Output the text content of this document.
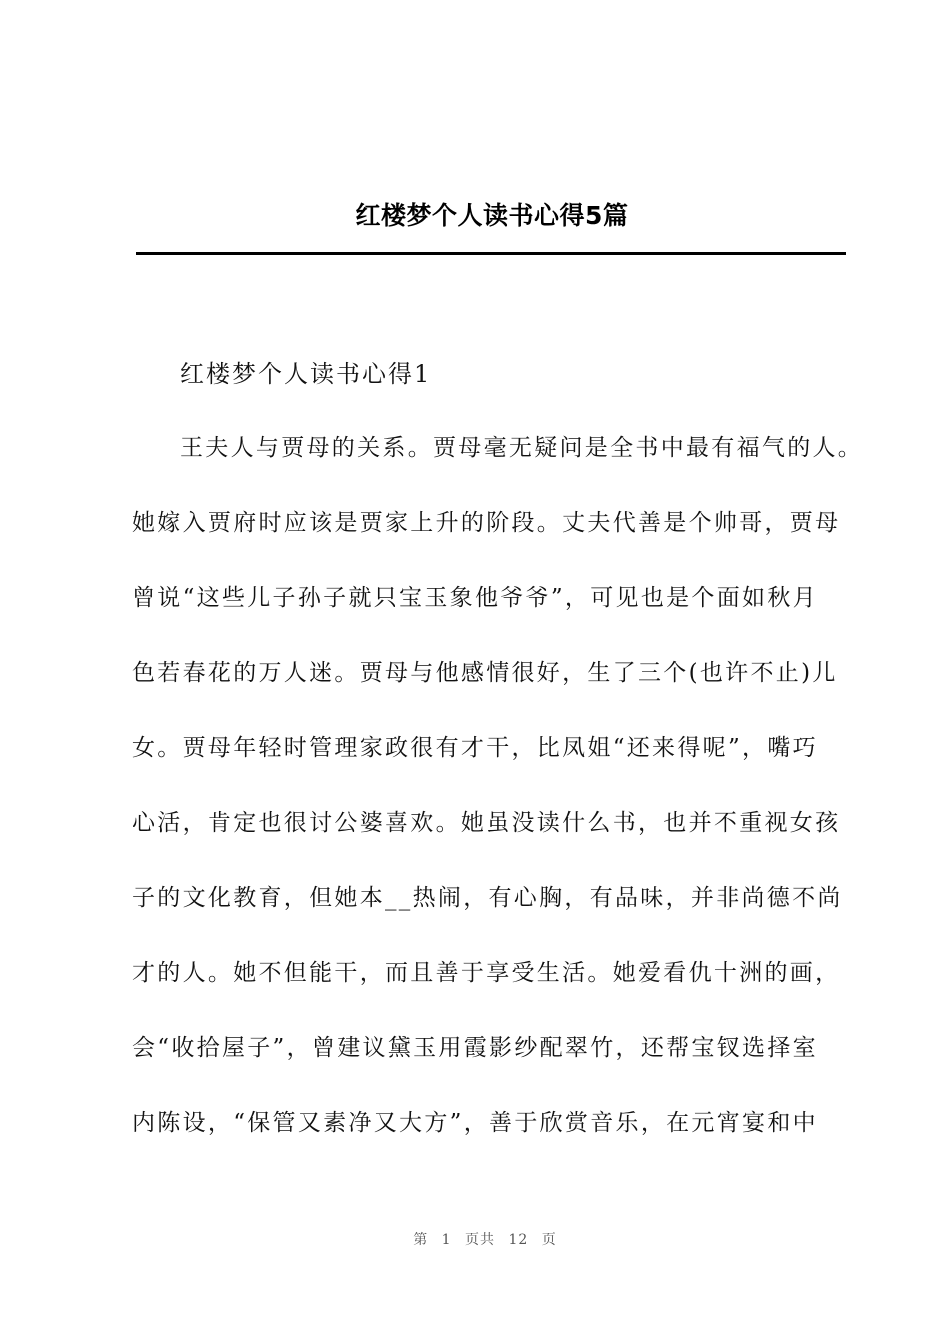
红楼梦个人读书心得5篇
红楼梦个人读书心得1
王夫人与贾母的关系。贾母毫无疑问是全书中最有福气的人。
她嫁入贾府时应该是贾家上升的阶段。丈夫代善是个帅哥，贾母
曾说“这些儿子孙子就只宝玉象他爷爷”，可见也是个面如秋月
色若春花的万人迷。贾母与他感情很好，生了三个(也许不止)儿
女。贾母年轻时管理家政很有才干，比凤姐“还来得呢”，嘴巧
心活，肯定也很讨公婆喜欢。她虽没读什么书，也并不重视女孩
子的文化教育，但她本__热闹，有心胸，有品味，并非尚德不尚
才的人。她不但能干，而且善于享受生活。她爱看仇十洲的画，
会“收拾屋子”，曾建议黛玉用霞影纱配翠竹，还帮宝钗选择室
内陈设，“保管又素净又大方”，善于欣赏音乐，在元宵宴和中
第 1 页共 12 页
